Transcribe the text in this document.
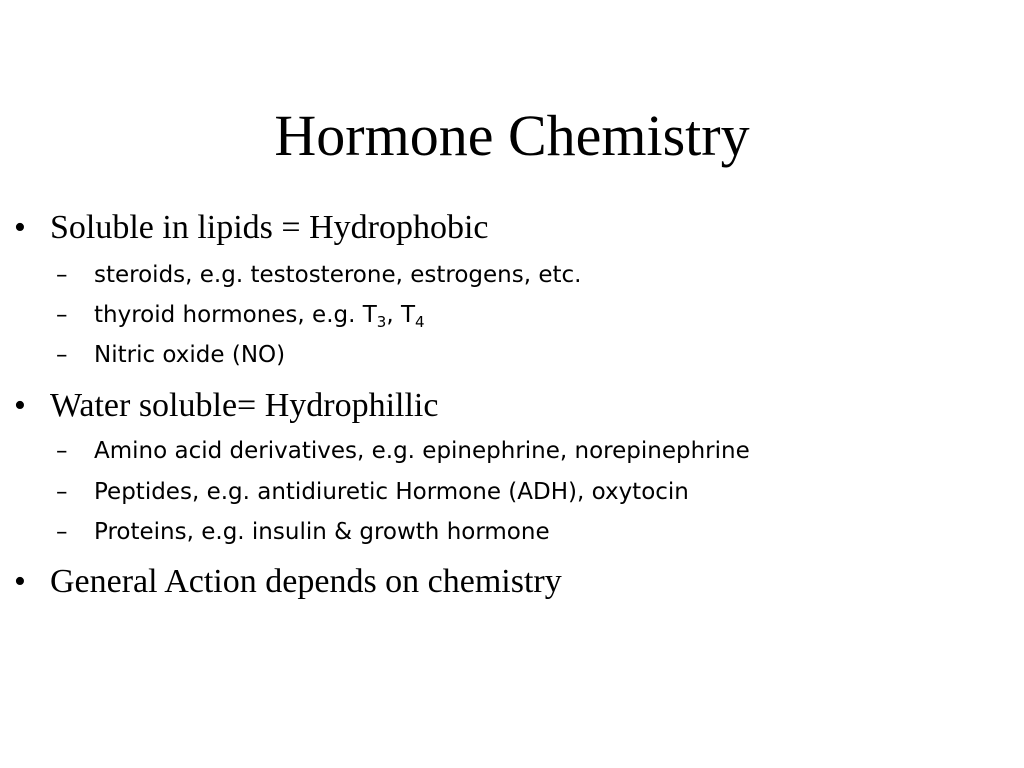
Hormone Chemistry
• Soluble in lipids = Hydrophobic
– steroids, e.g. testosterone, estrogens, etc.
– thyroid hormones, e.g. $T_3$, $T_4$
– Nitric oxide (NO)
• Water soluble= Hydrophillic
– Amino acid derivatives, e.g. epinephrine, norepinephrine
– Peptides, e.g. antidiuretic Hormone (ADH), oxytocin
– Proteins, e.g. insulin & growth hormone
• General Action depends on chemistry
